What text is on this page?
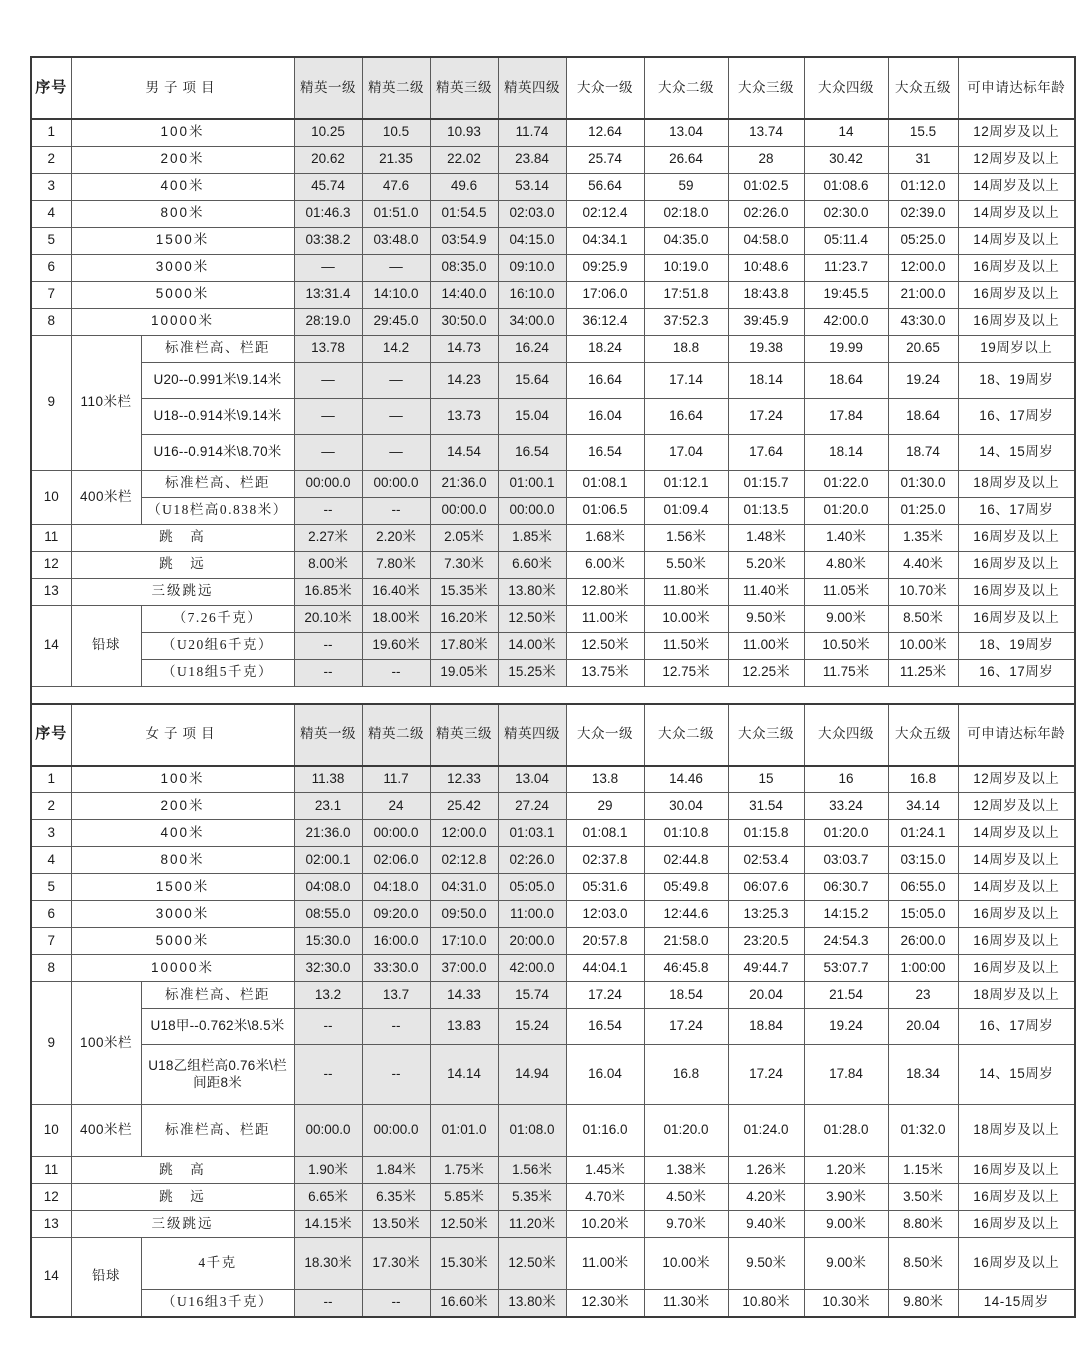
序号	男子项目		精英一级	精英二级	精英三级	精英四级	大众一级	大众二级	大众三级	大众四级	大众五级	可申请达标年龄
1	100米		10.25	10.5	10.93	11.74	12.64	13.04	13.74	14	15.5	12周岁及以上
2	200米		20.62	21.35	22.02	23.84	25.74	26.64	28	30.42	31	12周岁及以上
3	400米		45.74	47.6	49.6	53.14	56.64	59	01:02.5	01:08.6	01:12.0	14周岁及以上
4	800米		01:46.3	01:51.0	01:54.5	02:03.0	02:12.4	02:18.0	02:26.0	02:30.0	02:39.0	14周岁及以上
5	1500米		03:38.2	03:48.0	03:54.9	04:15.0	04:34.1	04:35.0	04:58.0	05:11.4	05:25.0	14周岁及以上
6	3000米		—	—	08:35.0	09:10.0	09:25.9	10:19.0	10:48.6	11:23.7	12:00.0	16周岁及以上
7	5000米		13:31.4	14:10.0	14:40.0	16:10.0	17:06.0	17:51.8	18:43.8	19:45.5	21:00.0	16周岁及以上
8	10000米		28:19.0	29:45.0	30:50.0	34:00.0	36:12.4	37:52.3	39:45.9	42:00.0	43:30.0	16周岁及以上
9	110米栏	标准栏高、栏距	13.78	14.2	14.73	16.24	18.24	18.8	19.38	19.99	20.65	19周岁以上
		U20--0.991米\9.14米	—	—	14.23	15.64	16.64	17.14	18.14	18.64	19.24	18、19周岁
		U18--0.914米\9.14米	—	—	13.73	15.04	16.04	16.64	17.24	17.84	18.64	16、17周岁
		U16--0.914米\8.70米	—	—	14.54	16.54	16.54	17.04	17.64	18.14	18.74	14、15周岁
10	400米栏	标准栏高、栏距	00:00.0	00:00.0	21:36.0	01:00.1	01:08.1	01:12.1	01:15.7	01:22.0	01:30.0	18周岁及以上
		（U18栏高0.838米）	--	--	00:00.0	00:00.0	01:06.5	01:09.4	01:13.5	01:20.0	01:25.0	16、17周岁
11	跳　高		2.27米	2.20米	2.05米	1.85米	1.68米	1.56米	1.48米	1.40米	1.35米	16周岁及以上
12	跳　远		8.00米	7.80米	7.30米	6.60米	6.00米	5.50米	5.20米	4.80米	4.40米	16周岁及以上
13	三级跳远		16.85米	16.40米	15.35米	13.80米	12.80米	11.80米	11.40米	11.05米	10.70米	16周岁及以上
14	铅球	（7.26千克）	20.10米	18.00米	16.20米	12.50米	11.00米	10.00米	9.50米	9.00米	8.50米	16周岁及以上
		（U20组6千克）	--	19.60米	17.80米	14.00米	12.50米	11.50米	11.00米	10.50米	10.00米	18、19周岁
		（U18组5千克）	--	--	19.05米	15.25米	13.75米	12.75米	12.25米	11.75米	11.25米	16、17周岁

序号	女子项目		精英一级	精英二级	精英三级	精英四级	大众一级	大众二级	大众三级	大众四级	大众五级	可申请达标年龄
1	100米		11.38	11.7	12.33	13.04	13.8	14.46	15	16	16.8	12周岁及以上
2	200米		23.1	24	25.42	27.24	29	30.04	31.54	33.24	34.14	12周岁及以上
3	400米		21:36.0	00:00.0	12:00.0	01:03.1	01:08.1	01:10.8	01:15.8	01:20.0	01:24.1	14周岁及以上
4	800米		02:00.1	02:06.0	02:12.8	02:26.0	02:37.8	02:44.8	02:53.4	03:03.7	03:15.0	14周岁及以上
5	1500米		04:08.0	04:18.0	04:31.0	05:05.0	05:31.6	05:49.8	06:07.6	06:30.7	06:55.0	14周岁及以上
6	3000米		08:55.0	09:20.0	09:50.0	11:00.0	12:03.0	12:44.6	13:25.3	14:15.2	15:05.0	16周岁及以上
7	5000米		15:30.0	16:00.0	17:10.0	20:00.0	20:57.8	21:58.0	23:20.5	24:54.3	26:00.0	16周岁及以上
8	10000米		32:30.0	33:30.0	37:00.0	42:00.0	44:04.1	46:45.8	49:44.7	53:07.7	1:00:00	16周岁及以上
9	100米栏	标准栏高、栏距	13.2	13.7	14.33	15.74	17.24	18.54	20.04	21.54	23	18周岁及以上
		U18甲--0.762米\8.5米	--	--	13.83	15.24	16.54	17.24	18.84	19.24	20.04	16、17周岁
		U18乙组栏高0.76米\栏间距8米	--	--	14.14	14.94	16.04	16.8	17.24	17.84	18.34	14、15周岁
10	400米栏	标准栏高、栏距	00:00.0	00:00.0	01:01.0	01:08.0	01:16.0	01:20.0	01:24.0	01:28.0	01:32.0	18周岁及以上
11	跳　高		1.90米	1.84米	1.75米	1.56米	1.45米	1.38米	1.26米	1.20米	1.15米	16周岁及以上
12	跳　远		6.65米	6.35米	5.85米	5.35米	4.70米	4.50米	4.20米	3.90米	3.50米	16周岁及以上
13	三级跳远		14.15米	13.50米	12.50米	11.20米	10.20米	9.70米	9.40米	9.00米	8.80米	16周岁及以上
14	铅球	4千克	18.30米	17.30米	15.30米	12.50米	11.00米	10.00米	9.50米	9.00米	8.50米	16周岁及以上
		（U16组3千克）	--	--	16.60米	13.80米	12.30米	11.30米	10.80米	10.30米	9.80米	14-15周岁
